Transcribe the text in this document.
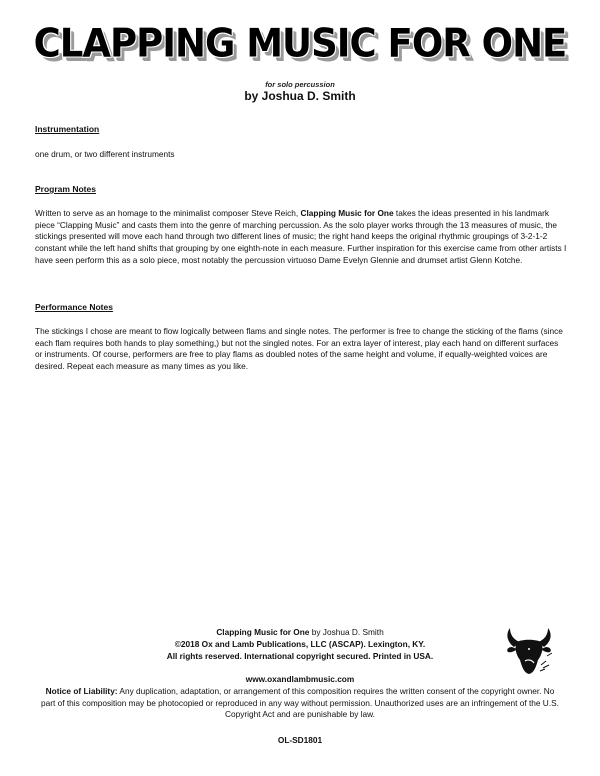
CLAPPING MUSIC FOR ONE
for solo percussion
by Joshua D. Smith
Instrumentation
one drum, or two different instruments
Program Notes
Written to serve as an homage to the minimalist composer Steve Reich, Clapping Music for One takes the ideas presented in his landmark piece “Clapping Music” and casts them into the genre of marching percussion. As the solo player works through the 13 measures of music, the stickings presented will move each hand through two different lines of music; the right hand keeps the original rhythmic groupings of 3-2-1-2 constant while the left hand shifts that grouping by one eighth-note in each measure. Further inspiration for this exercise came from other artists I have seen perform this as a solo piece, most notably the percussion virtuoso Dame Evelyn Glennie and drumset artist Glenn Kotche.
Performance Notes
The stickings I chose are meant to flow logically between flams and single notes. The performer is free to change the sticking of the flams (since each flam requires both hands to play something,) but not the singled notes. For an extra layer of interest, play each hand on different surfaces or instruments. Of course, performers are free to play flams as doubled notes of the same height and volume, if equally-weighted voices are desired. Repeat each measure as many times as you like.
Clapping Music for One by Joshua D. Smith
©2018 Ox and Lamb Publications, LLC (ASCAP). Lexington, KY.
All rights reserved. International copyright secured. Printed in USA.
www.oxandlambmusic.com
Notice of Liability: Any duplication, adaptation, or arrangement of this composition requires the written consent of the copyright owner. No part of this composition may be photocopied or reproduced in any way without permission. Unauthorized uses are an infringement of the U.S. Copyright Act and are punishable by law.
OL-SD1801
